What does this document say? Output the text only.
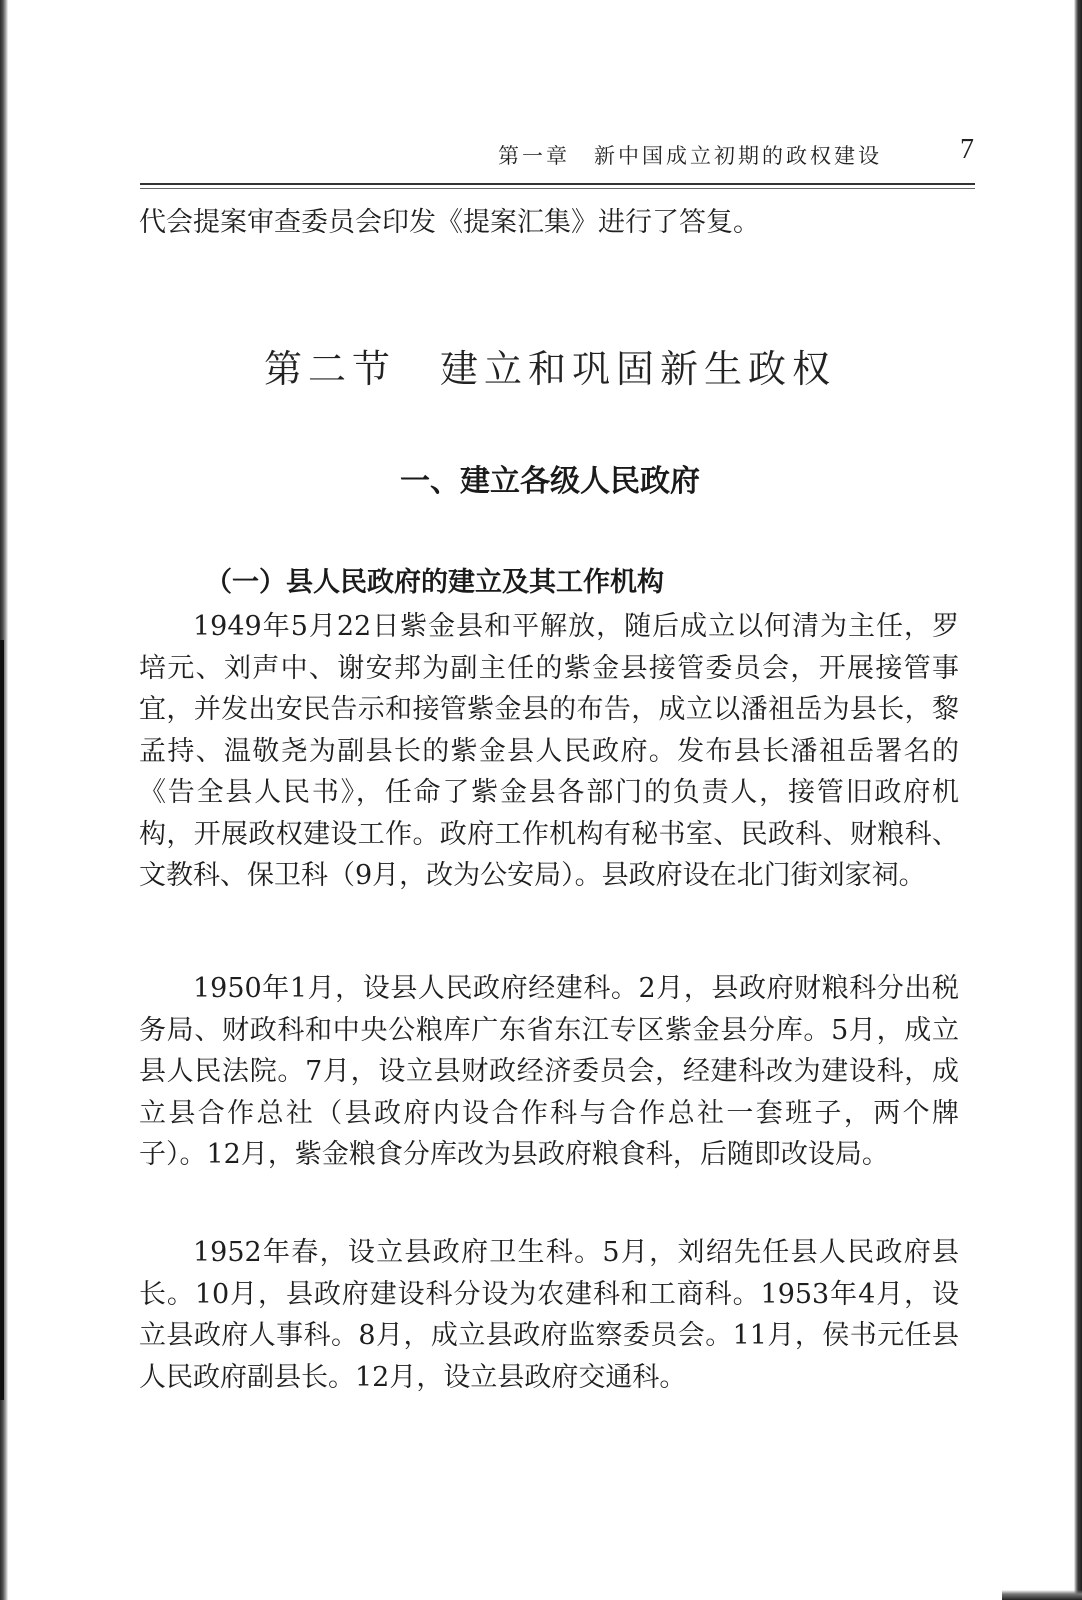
第一章　新中国成立初期的政权建设	7

代会提案审查委员会印发《提案汇集》进行了答复。

第二节　建立和巩固新生政权
一、建立各级人民政府
（一）县人民政府的建立及其工作机构

1949年5月22日紫金县和平解放，随后成立以何清为主任，罗培元、刘声中、谢安邦为副主任的紫金县接管委员会，开展接管事宜，并发出安民告示和接管紫金县的布告，成立以潘祖岳为县长，黎孟持、温敬尧为副县长的紫金县人民政府。发布县长潘祖岳署名的《告全县人民书》，任命了紫金县各部门的负责人，接管旧政府机构，开展政权建设工作。政府工作机构有秘书室、民政科、财粮科、文教科、保卫科（9月，改为公安局）。县政府设在北门街刘家祠。

1950年1月，设县人民政府经建科。2月，县政府财粮科分出税务局、财政科和中央公粮库广东省东江专区紫金县分库。5月，成立县人民法院。7月，设立县财政经济委员会，经建科改为建设科，成立县合作总社（县政府内设合作科与合作总社一套班子，两个牌子）。12月，紫金粮食分库改为县政府粮食科，后随即改设局。

1952年春，设立县政府卫生科。5月，刘绍先任县人民政府县长。10月，县政府建设科分设为农建科和工商科。1953年4月，设立县政府人事科。8月，成立县政府监察委员会。11月，侯书元任县人民政府副县长。12月，设立县政府交通科。
